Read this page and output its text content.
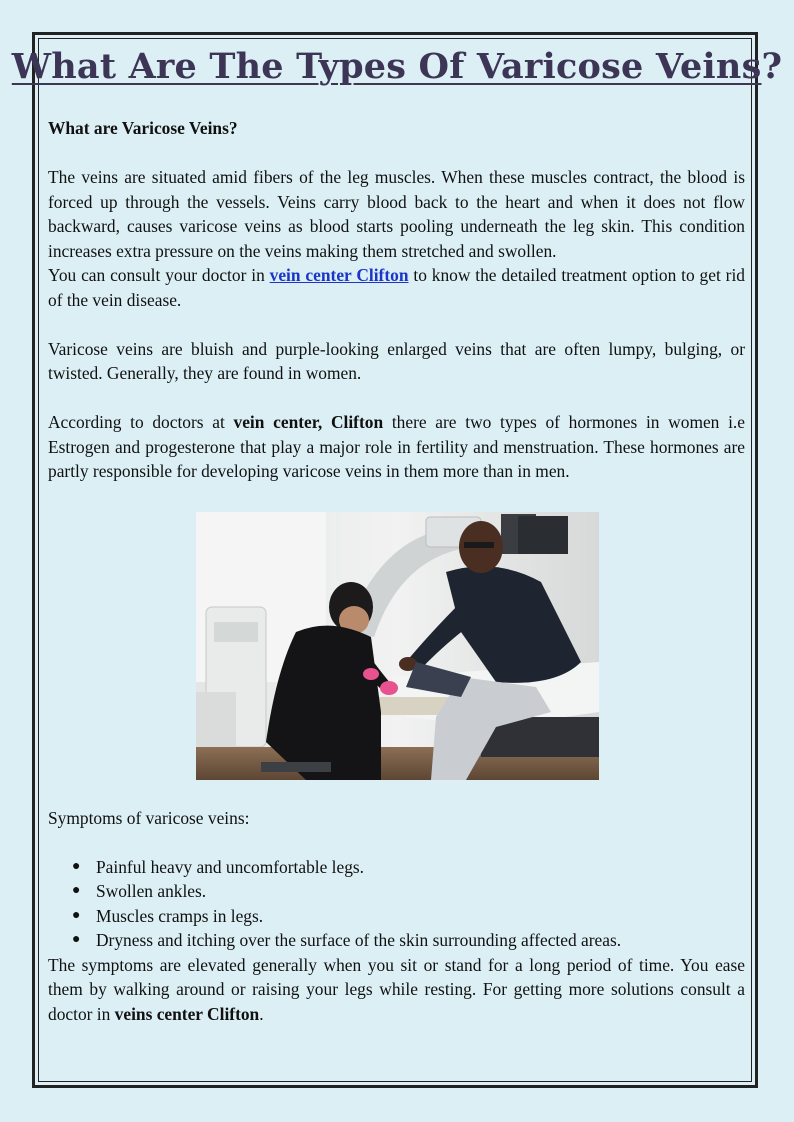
What Are The Types Of Varicose Veins?

What are Varicose Veins?

The veins are situated amid fibers of the leg muscles. When these muscles contract, the blood is forced up through the vessels. Veins carry blood back to the heart and when it does not flow backward, causes varicose veins as blood starts pooling underneath the leg skin. This condition increases extra pressure on the veins making them stretched and swollen.

You can consult your doctor in vein center Clifton to know the detailed treatment option to get rid of the vein disease.

Varicose veins are bluish and purple-looking enlarged veins that are often lumpy, bulging, or twisted. Generally, they are found in women.

According to doctors at vein center, Clifton there are two types of hormones in women i.e Estrogen and progesterone that play a major role in fertility and menstruation. These hormones are partly responsible for developing varicose veins in them more than in men.

Symptoms of varicose veins:

● Painful heavy and uncomfortable legs.
● Swollen ankles.
● Muscles cramps in legs.
● Dryness and itching over the surface of the skin surrounding affected areas.

The symptoms are elevated generally when you sit or stand for a long period of time. You ease them by walking around or raising your legs while resting. For getting more solutions consult a doctor in veins center Clifton.
